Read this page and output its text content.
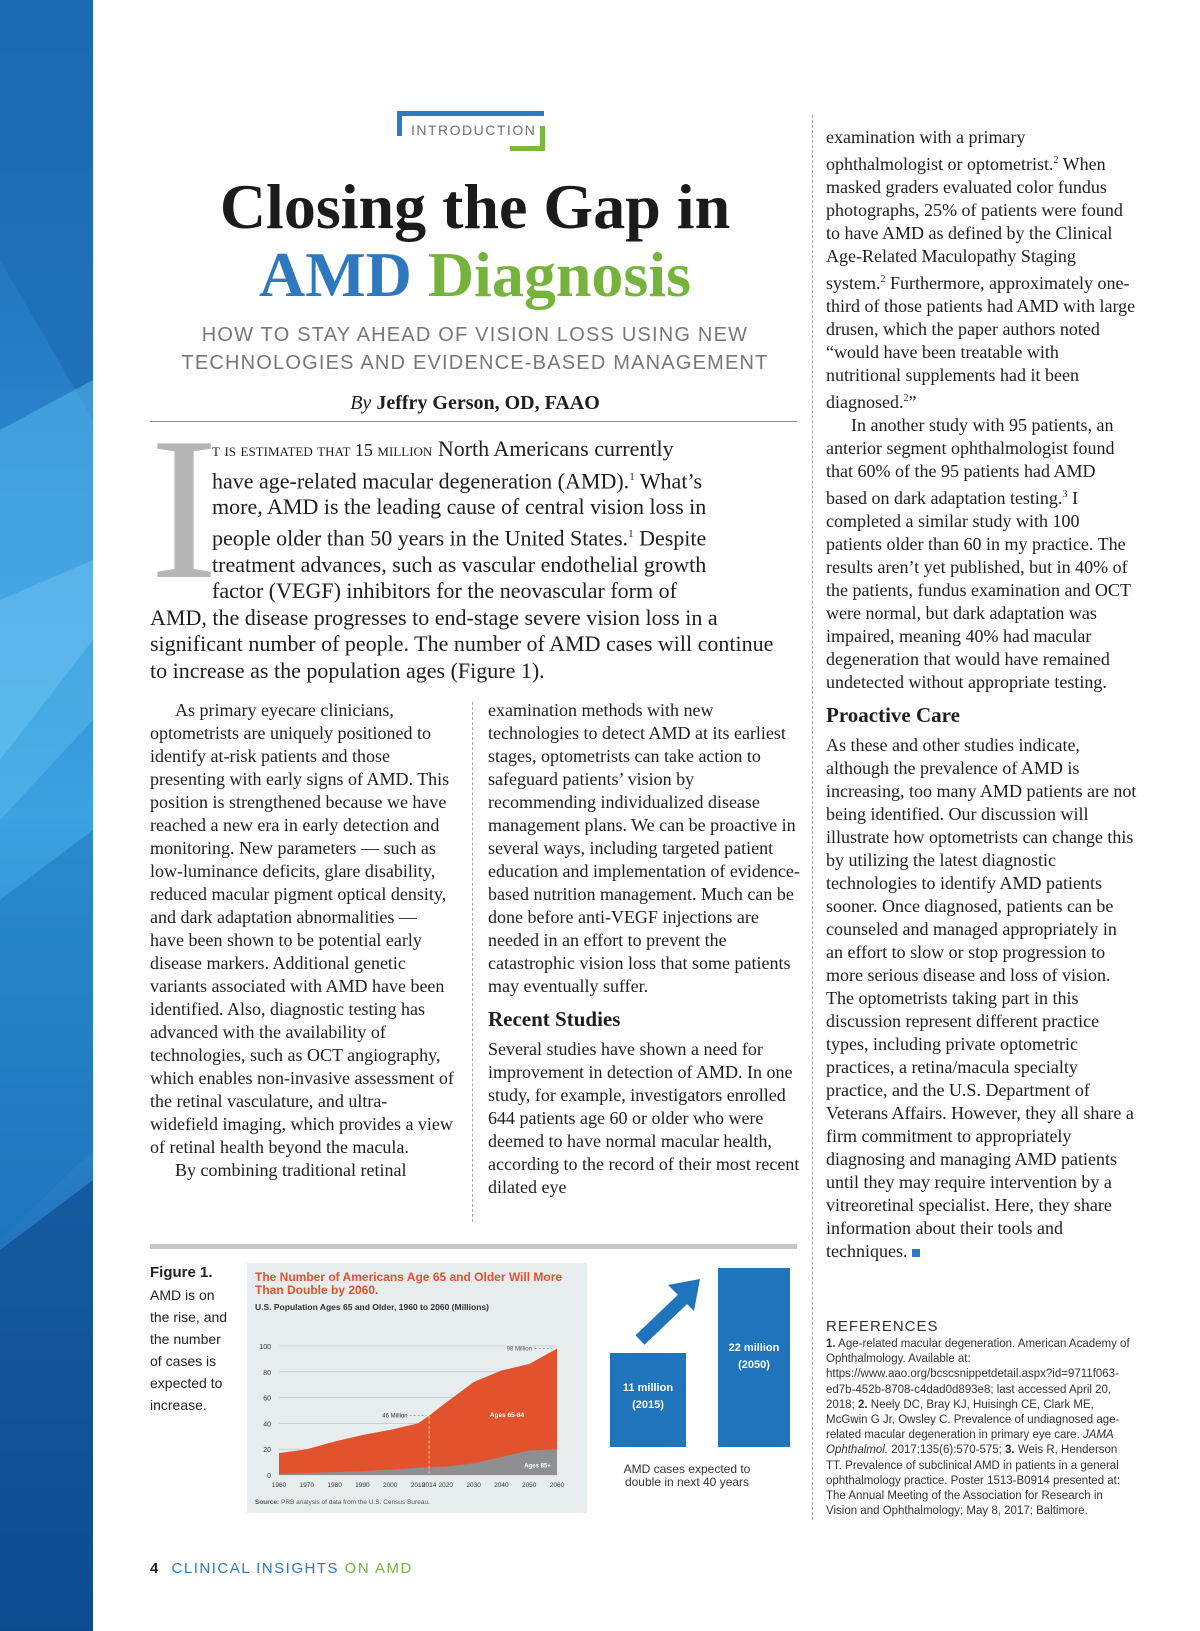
INTRODUCTION
Closing the Gap in
AMD Diagnosis
HOW TO STAY AHEAD OF VISION LOSS USING NEW
TECHNOLOGIES AND EVIDENCE-BASED MANAGEMENT
By Jeffry Gerson, OD, FAAO
I

t is estimated that 15 million North Americans currently
have age-related macular degeneration (AMD).$^1$ What’s
more, AMD is the leading cause of central vision loss in
people older than 50 years in the United States.$^1$ Despite
treatment advances, such as vascular endothelial growth
factor (VEGF) inhibitors for the neovascular form of
AMD, the disease progresses to end-stage severe vision loss in a significant number of people. The number of AMD cases will continue to increase as the population ages (Figure 1).

As primary eyecare clinicians, optometrists are uniquely positioned to identify at-risk patients and those presenting with early signs of AMD. This position is strengthened because we have reached a new era in early detection and monitoring. New parameters — such as low-luminance deficits, glare disability, reduced macular pigment optical density, and dark adaptation abnormalities — have been shown to be potential early disease markers. Additional genetic variants associated with AMD have been identified. Also, diagnostic testing has advanced with the availability of technologies, such as OCT angiography, which enables non-invasive assessment of the retinal vasculature, and ultra-widefield imaging, which provides a view of retinal health beyond the macula.

By combining traditional retinal

examination methods with new technologies to detect AMD at its earliest stages, optometrists can take action to safeguard patients’ vision by recommending individualized disease management plans. We can be proactive in several ways, including targeted patient education and implementation of evidence-based nutrition management. Much can be done before anti-VEGF injections are needed in an effort to prevent the catastrophic vision loss that some patients may eventually suffer.

Recent Studies

Several studies have shown a need for improvement in detection of AMD. In one study, for example, investigators enrolled 644 patients age 60 or older who were deemed to have normal macular health, according to the record of their most recent dilated eye

examination with a primary ophthalmologist or optometrist.$^2$ When masked graders evaluated color fundus photographs, 25% of patients were found to have AMD as defined by the Clinical Age-Related Maculopathy Staging system.$^2$ Furthermore, approximately one-third of those patients had AMD with large drusen, which the paper authors noted “would have been treatable with nutritional supplements had it been diagnosed.$^2$”

In another study with 95 patients, an anterior segment ophthalmologist found that 60% of the 95 patients had AMD based on dark adaptation testing.$^3$ I completed a similar study with 100 patients older than 60 in my practice. The results aren’t yet published, but in 40% of the patients, fundus examination and OCT were normal, but dark adaptation was impaired, meaning 40% had macular degeneration that would have remained undetected without appropriate testing.

Proactive Care

As these and other studies indicate, although the prevalence of AMD is increasing, too many AMD patients are not being identified. Our discussion will illustrate how optometrists can change this by utilizing the latest diagnostic technologies to identify AMD patients sooner. Once diagnosed, patients can be counseled and managed appropriately in an effort to slow or stop progression to more serious disease and loss of vision. The optometrists taking part in this discussion represent different practice types, including private optometric practices, a retina/macula specialty practice, and the U.S. Department of Veterans Affairs. However, they all share a firm commitment to appropriately diagnosing and managing AMD patients until they may require intervention by a vitreoretinal specialist. Here, they share information about their tools and techniques.

Figure 1.
AMD is on the rise, and the number of cases is expected to increase.
The Number of Americans Age 65 and Older Will More Than Double by 2060.
U.S. Population Ages 65 and Older, 1960 to 2060 (Millions)
0
20
40
60
80
100
1960 1970 1980 1990 2000 2010
2014 2020 2030 2040 2050 2060
46 Million
98 Million
Ages 65-84
Ages 85+
Source: PRB analysis of data from the U.S. Census Bureau.
11 million
(2015)
22 million
(2050)
AMD cases expected to double in next 40 years
REFERENCES

1. Age-related macular degeneration. American Academy of Ophthalmology. Available at: https://www.aao.org/bcscsnippetdetail.aspx?id=9711f063-ed7b-452b-8708-c4dad0d893e8; last accessed April 20, 2018; 2. Neely DC, Bray KJ, Huisingh CE, Clark ME, McGwin G Jr, Owsley C. Prevalence of undiagnosed age-related macular degeneration in primary eye care. JAMA Ophthalmol. 2017;135(6):570-575; 3. Weis R, Henderson TT. Prevalence of subclinical AMD in patients in a general ophthalmology practice. Poster 1513-B0914 presented at: The Annual Meeting of the Association for Research in Vision and Ophthalmology; May 8, 2017; Baltimore.

4 CLINICAL INSIGHTS ON AMD
